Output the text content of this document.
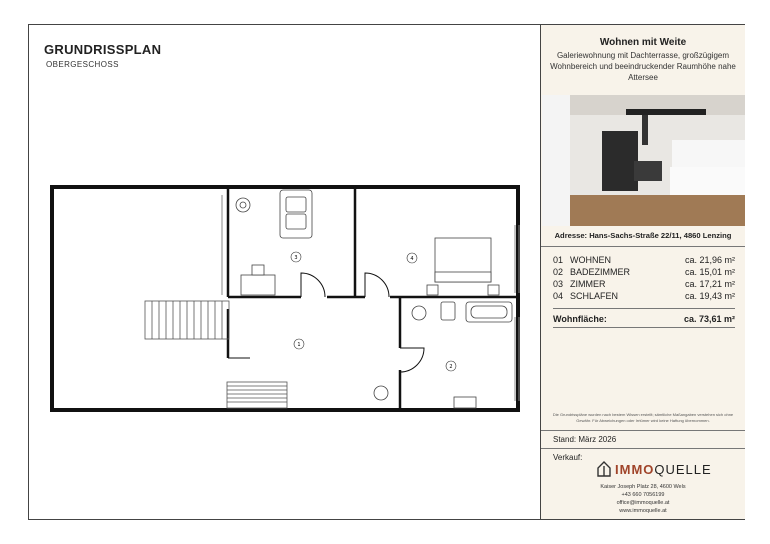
GRUNDRISSPLAN
OBERGESCHOSS
3	4
1
2
Wohnen mit Weite
Galeriewohnung mit Dachterrasse, großzügigem Wohnbereich und beeindruckender Raumhöhe nahe Attersee
Adresse: Hans-Sachs-Straße 22/11, 4860 Lenzing
01 WOHNEN	ca. 21,96 m²
02 BADEZIMMER	ca. 15,01 m²
03 ZIMMER	ca. 17,21 m²
04 SCHLAFEN	ca. 19,43 m²
Wohnfläche:	ca. 73,61 m²
Die Grundrisspläne wurden nach bestem Wissen erstellt; sämtliche Maßangaben verstehen sich ohne Gewähr. Für Abweichungen oder Irrtümer wird keine Haftung übernommen.
Stand: März 2026
Verkauf:
IMMOQUELLE
Kaiser Joseph Platz 28, 4600 Wels
+43 660 7056199
office@immoquelle.at
www.immoquelle.at
